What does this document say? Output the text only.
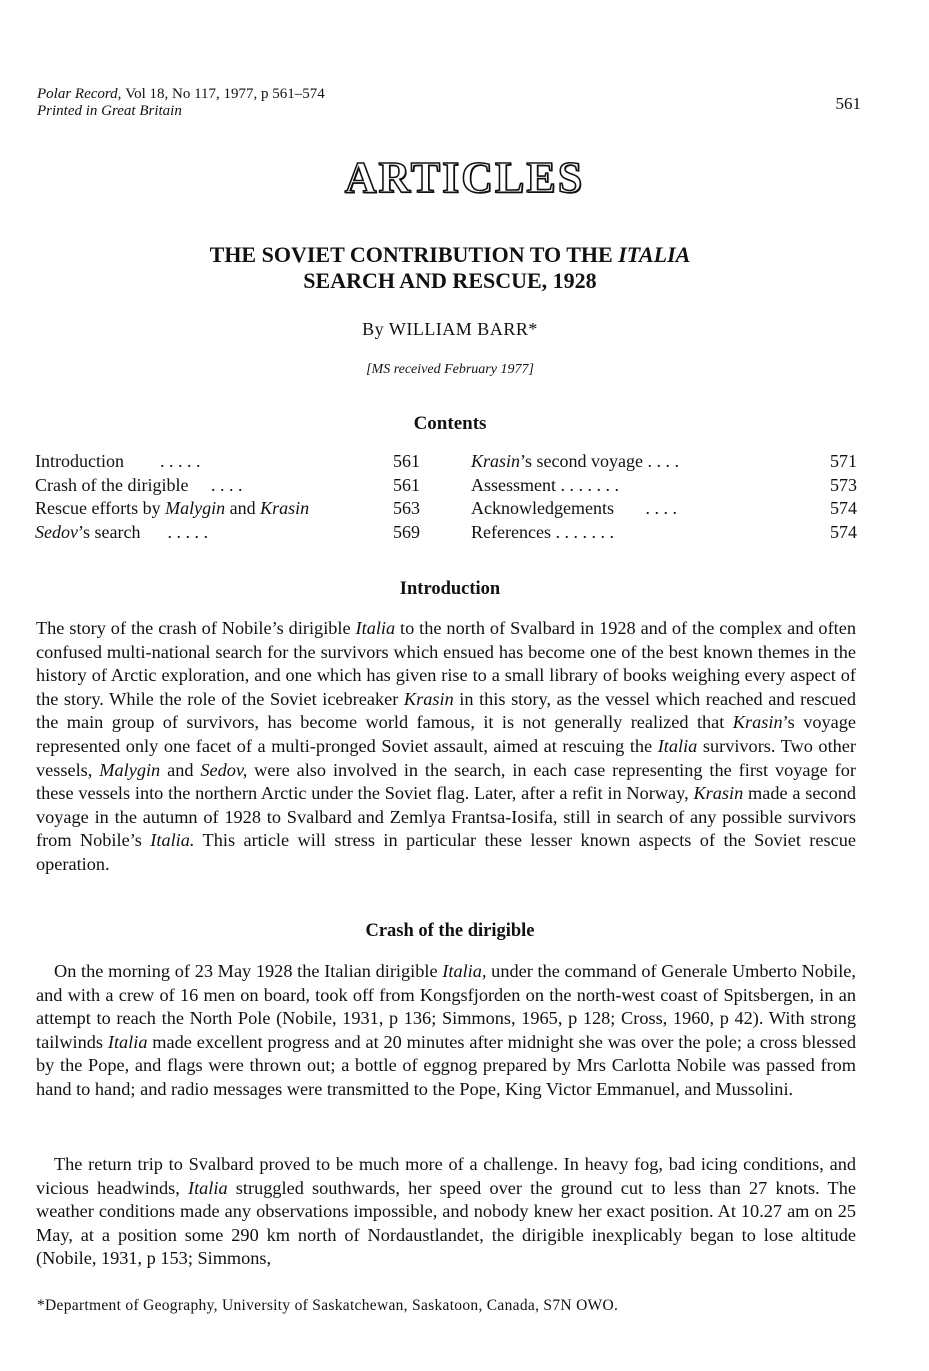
Polar Record, Vol 18, No 117, 1977, p 561–574
Printed in Great Britain	561
ARTICLES
THE SOVIET CONTRIBUTION TO THE ITALIA
SEARCH AND RESCUE, 1928
By WILLIAM BARR*
[MS received February 1977]
Contents
Introduction . . . . .	561
Crash of the dirigible . . . .	561
Rescue efforts by Malygin and Krasin	563
Sedov’s search . . . . .	569
Krasin’s second voyage . . . .	571
Assessment . . . . . . .	573
Acknowledgements . . . .	574
References . . . . . . .	574
Introduction

The story of the crash of Nobile’s dirigible Italia to the north of Svalbard in 1928 and of the complex and often confused multi-national search for the survivors which ensued has become one of the best known themes in the history of Arctic exploration, and one which has given rise to a small library of books weighing every aspect of the story. While the role of the Soviet icebreaker Krasin in this story, as the vessel which reached and rescued the main group of survivors, has become world famous, it is not generally realized that Krasin’s voyage represented only one facet of a multi-pronged Soviet assault, aimed at rescuing the Italia survivors. Two other vessels, Malygin and Sedov, were also involved in the search, in each case representing the first voyage for these vessels into the northern Arctic under the Soviet flag. Later, after a refit in Norway, Krasin made a second voyage in the autumn of 1928 to Svalbard and Zemlya Frantsa-Iosifa, still in search of any possible survivors from Nobile’s Italia. This article will stress in particular these lesser known aspects of the Soviet rescue operation.

Crash of the dirigible

On the morning of 23 May 1928 the Italian dirigible Italia, under the command of Generale Umberto Nobile, and with a crew of 16 men on board, took off from Kongsfjorden on the north-west coast of Spitsbergen, in an attempt to reach the North Pole (Nobile, 1931, p 136; Simmons, 1965, p 128; Cross, 1960, p 42). With strong tailwinds Italia made excellent progress and at 20 minutes after midnight she was over the pole; a cross blessed by the Pope, and flags were thrown out; a bottle of eggnog prepared by Mrs Carlotta Nobile was passed from hand to hand; and radio messages were transmitted to the Pope, King Victor Emmanuel, and Mussolini.

The return trip to Svalbard proved to be much more of a challenge. In heavy fog, bad icing conditions, and vicious headwinds, Italia struggled southwards, her speed over the ground cut to less than 27 knots. The weather conditions made any observations impossible, and nobody knew her exact position. At 10.27 am on 25 May, at a position some 290 km north of Nordaustlandet, the dirigible inexplicably began to lose altitude (Nobile, 1931, p 153; Simmons,

*Department of Geography, University of Saskatchewan, Saskatoon, Canada, S7N OWO.
